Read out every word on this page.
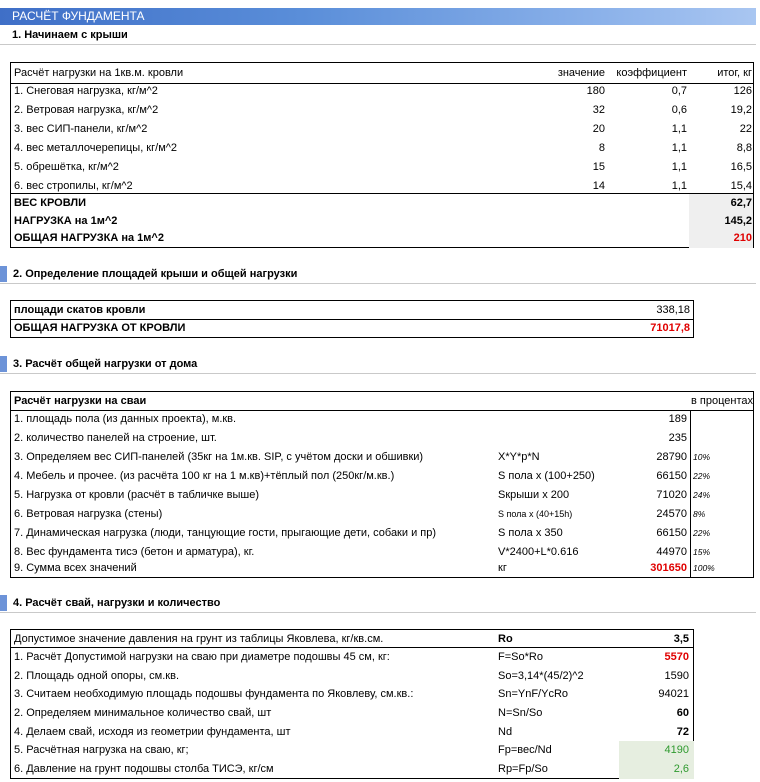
РАСЧЁТ ФУНДАМЕНТА
1. Начинаем с крыши
Расчёт нагрузки на 1кв.м. кровли	значение	коэффициент	итог, кг
1. Снеговая нагрузка, кг/м^2	180	0,7	126
2. Ветровая нагрузка, кг/м^2	32	0,6	19,2
3. вес СИП-панели, кг/м^2	20	1,1	22
4. вес металлочерепицы, кг/м^2	8	1,1	8,8
5. обрешётка, кг/м^2	15	1,1	16,5
6. вес стропилы, кг/м^2	14	1,1	15,4
ВЕС КРОВЛИ	62,7
НАГРУЗКА на 1м^2	145,2
ОБЩАЯ НАГРУЗКА на 1м^2	210
2. Определение площадей крыши и общей нагрузки
площади скатов кровли	338,18
ОБЩАЯ НАГРУЗКА ОТ КРОВЛИ	71017,8
3. Расчёт общей нагрузки от дома
Расчёт нагрузки на сваи	в процентах
1. площадь пола (из данных проекта), м.кв.	189
2. количество панелей на строение, шт.	235
3. Определяем вес СИП-панелей (35кг на 1м.кв. SIP, с учётом доски и обшивки)	X*Y*p*N	28790 10%
4. Мебель и прочее. (из расчёта 100 кг на 1 м.кв)+тёплый пол (250кг/м.кв.)	S пола х (100+250)	66150 22%
5. Нагрузка от кровли (расчёт в табличке выше)	Sкрыши х 200	71020 24%
6. Ветровая нагрузка (стены)	S пола х (40+15h)	24570 8%
7. Динамическая нагрузка (люди, танцующие гости, прыгающие дети, собаки и пр)	S пола х 350	66150 22%
8. Вес фундамента тисэ (бетон и арматура), кг.	V*2400+L*0.616	44970 15%
9. Сумма всех значений	кг	301650 100%
4. Расчёт свай, нагрузки и количество
Допустимое значение давления на грунт из таблицы Яковлева, кг/кв.см.	Ro	3,5
1. Расчёт Допустимой нагрузки на сваю при диаметре подошвы 45 см, кг:	F=So*Ro	5570
2. Площадь одной опоры, см.кв.	So=3,14*(45/2)^2	1590
3. Считаем необходимую площадь подошвы фундамента по Яковлеву, см.кв.:	Sn=YnF/YcRo	94021
2. Определяем минимальное количество свай, шт	N=Sn/So	60
4. Делаем свай, исходя из геометрии фундамента, шт	Nd	72
5. Расчётная нагрузка на сваю, кг;	Fp=вес/Nd	4190
6. Давление на грунт подошвы столба ТИСЭ, кг/см	Rp=Fp/So	2,6
